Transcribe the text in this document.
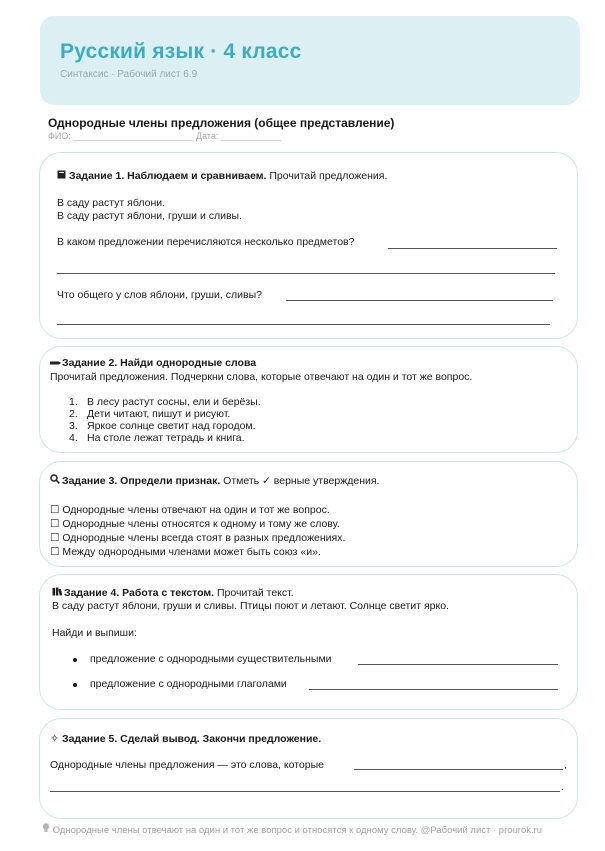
Русский язык · 4 класс
Синтаксис · Рабочий лист 6.9
Однородные члены предложения (общее представление)
ФИО: ________________________ Дата: ____________
Задание 1. Наблюдаем и сравниваем. Прочитай предложения.
В саду растут яблони.
В саду растут яблони, груши и сливы.
В каком предложении перечисляются несколько предметов?
Что общего у слов яблони, груши, сливы?
Задание 2. Найди однородные слова
Прочитай предложения. Подчеркни слова, которые отвечают на один и тот же вопрос.
1. В лесу растут сосны, ели и берёзы.
2. Дети читают, пишут и рисуют.
3. Яркое солнце светит над городом.
4. На столе лежат тетрадь и книга.
Задание 3. Определи признак. Отметь ✓ верные утверждения.
☐ Однородные члены отвечают на один и тот же вопрос.
☐ Однородные члены относятся к одному и тому же слову.
☐ Однородные члены всегда стоят в разных предложениях.
☐ Между однородными членами может быть союз «и».
Задание 4. Работа с текстом. Прочитай текст.
В саду растут яблони, груши и сливы. Птицы поют и летают. Солнце светит ярко.
Найди и выпиши:
предложение с однородными существительными
предложение с однородными глаголами
✧ Задание 5. Сделай вывод. Закончи предложение.
Однородные члены предложения — это слова, которые	,
.
Однородные члены отвечают на один и тот же вопрос и относятся к одному слову. @Рабочий лист · prourok.ru
